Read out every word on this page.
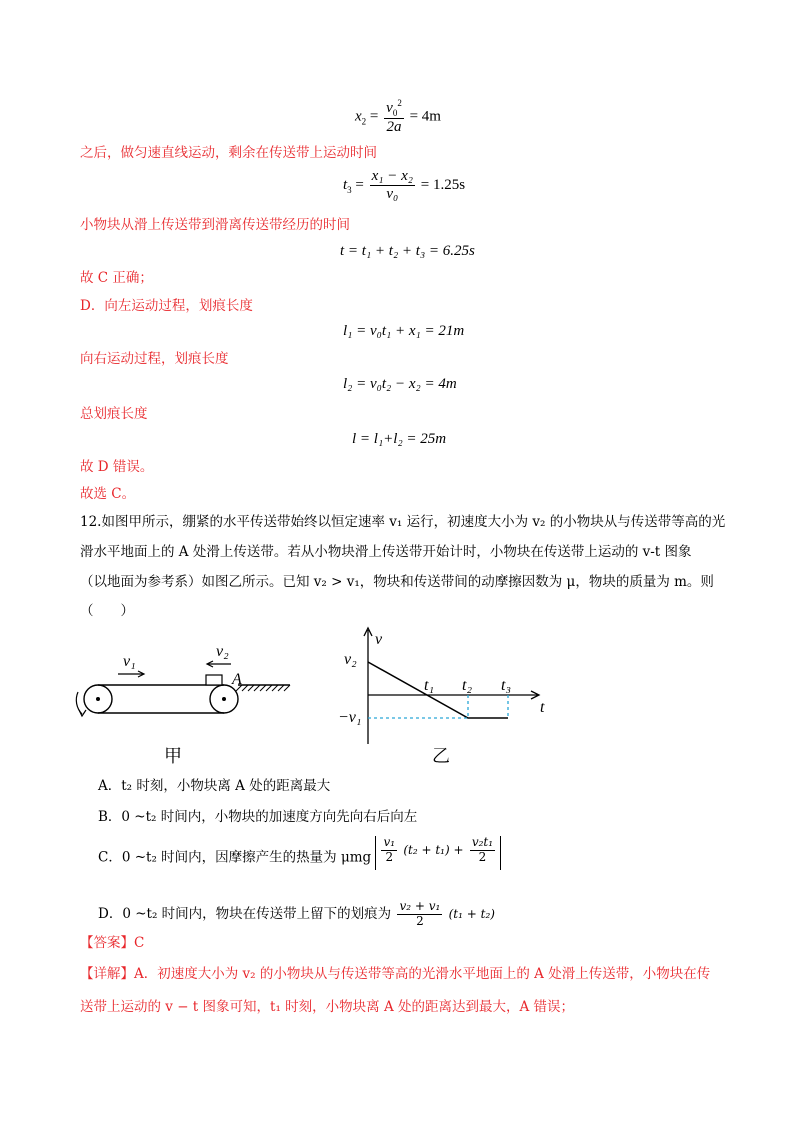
$x_2 = \frac{v_0^2}{2a} = 4m$
之后，做匀速直线运动，剩余在传送带上运动时间
$t_3 = \frac{\text{x₁ − x₂}}{\text{v₀}} = 1.25s$
小物块从滑上传送带到滑离传送带经历的时间
t = t₁ + t₂ + t₃ = 6.25s
故 C 正确；
D．向左运动过程，划痕长度
l₁ = v₀t₁ + x₁ = 21m
向右运动过程，划痕长度
l₂ = v₀t₂ − x₂ = 4m
总划痕长度
l = l₁+l₂ = 25m
故 D 错误。
故选 C。
12.如图甲所示，绷紧的水平传送带始终以恒定速率 v₁ 运行，初速度大小为 v₂ 的小物块从与传送带等高的光
滑水平地面上的 A 处滑上传送带。若从小物块滑上传送带开始计时，小物块在传送带上运动的 v-t 图象
（以地面为参考系）如图乙所示。已知 v₂ > v₁，物块和传送带间的动摩擦因数为 μ，物块的质量为 m。则
（　　）
v₁
v₂
A
甲
v
t
v₂
−v₁
t₁ t₂ t₃
乙
A．t₂ 时刻，小物块离 A 处的距离最大
B．0 ~t₂ 时间内，小物块的加速度方向先向右后向左
C．0 ~t₂ 时间内，因摩擦产生的热量为 μmg $\frac{\text{v₁}}{2} (t_2 + t_1) + \frac{\text{v₂t₁}}{2}$
D．0 ~t₂ 时间内，物块在传送带上留下的划痕为 $\frac{\text{v₂ + v₁}}{2} (t_1 + t_2)$
【答案】C
【详解】A．初速度大小为 v₂ 的小物块从与传送带等高的光滑水平地面上的 A 处滑上传送带，小物块在传
送带上运动的 v − t 图象可知，t₁ 时刻，小物块离 A 处的距离达到最大，A 错误；
